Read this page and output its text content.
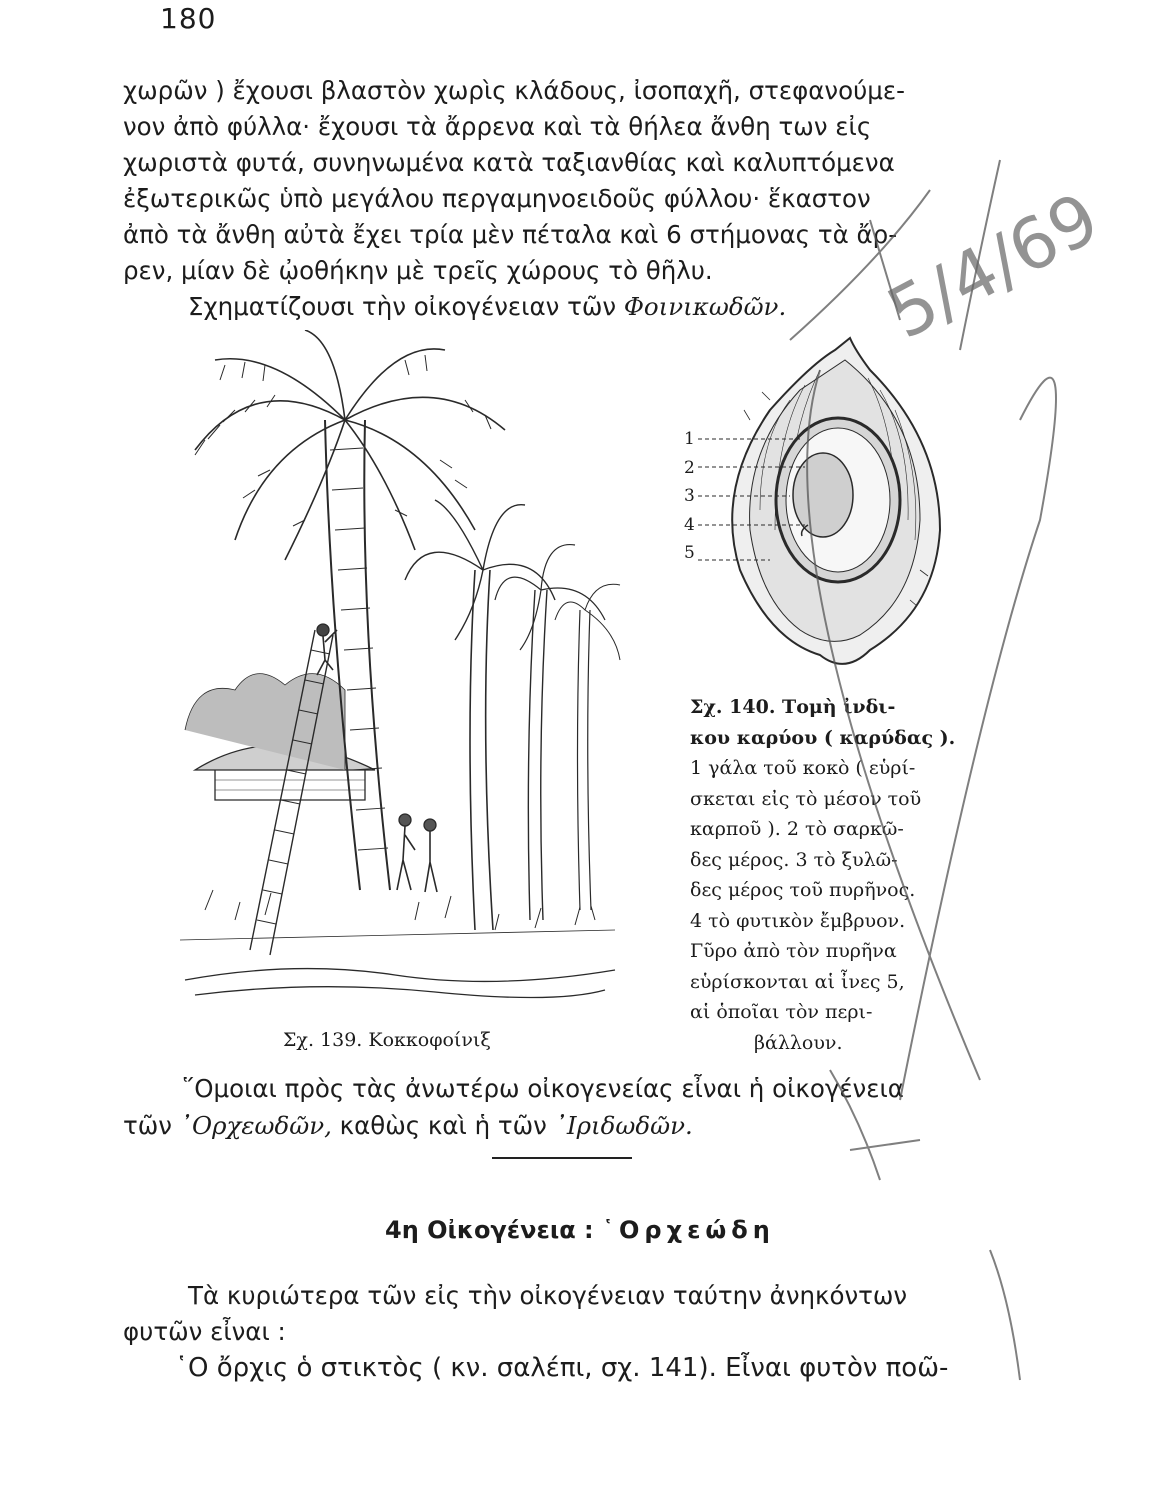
180

χωρῶν ) ἔχουσι βλαστὸν χωρὶς κλάδους, ἰσοπαχῆ, στεφανούμε-
νον ἀπὸ φύλλα· ἔχουσι τὰ ἄρρενα καὶ τὰ θήλεα ἄνθη των εἰς
χωριστὰ φυτά, συνηνωμένα κατὰ ταξιανθίας καὶ καλυπτόμενα
ἐξωτερικῶς ὑπὸ μεγάλου περγαμηνοειδοῦς φύλλου· ἕκαστον
ἀπὸ τὰ ἄνθη αὐτὰ ἔχει τρία μὲν πέταλα καὶ 6 στήμονας τὰ ἄρ-
ρεν, μίαν δὲ ᾠοθήκην μὲ τρεῖς χώρους τὸ θῆλυ.

Σχηματίζουσι τὴν οἰκογένειαν τῶν Φοινικωδῶν.

Σχ. 139. Κοκκοφοίνιξ
1
2
3
4
5
Σχ. 140. Τομὴ ἰνδι-
κου καρύου ( καρύδας ).
1 γάλα τοῦ κοκὸ ( εὑρί-
σκεται εἰς τὸ μέσον τοῦ
καρποῦ ). 2 τὸ σαρκῶ-
δες μέρος. 3 τὸ ξυλῶ-
δες μέρος τοῦ πυρῆνος.
4 τὸ φυτικὸν ἔμβρυον.
Γῦρο ἀπὸ τὸν πυρῆνα
εὑρίσκονται αἱ ἶνες 5,
αἱ ὁποῖαι τὸν περι-
βάλλουν.

῞Ομοιαι πρὸς τὰς ἀνωτέρω οἰκογενείας εἶναι ἡ οἰκογένεια

τῶν ᾿Ορχεωδῶν, καθὼς καὶ ἡ τῶν ᾿Ιριδωδῶν.

4η Οἰκογένεια : ῾Ορχεώδη

Τὰ κυριώτερα τῶν εἰς τὴν οἰκογένειαν ταύτην ἀνηκόντων

φυτῶν εἶναι :

῾Ο ὄρχις ὁ στικτὸς ( κν. σαλέπι, σχ. 141). Εἶναι φυτὸν ποῶ-

5/4/69
